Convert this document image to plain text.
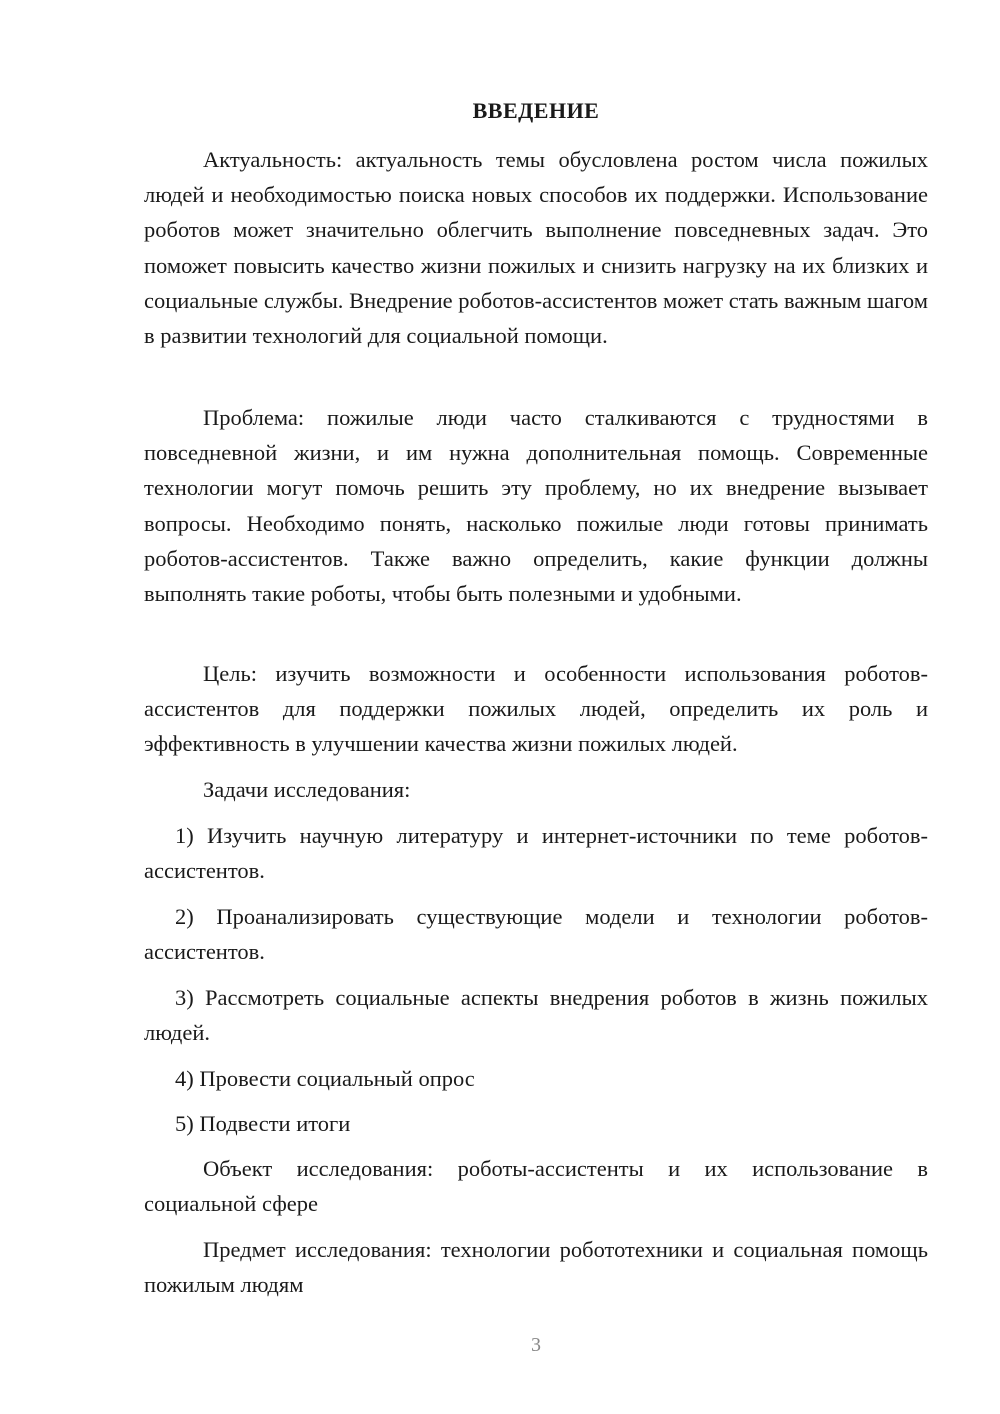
ВВЕДЕНИЕ

Актуальность: актуальность темы обусловлена ростом числа пожилых людей и необходимостью поиска новых способов их поддержки. Использование роботов может значительно облегчить выполнение повседневных задач. Это поможет повысить качество жизни пожилых и снизить нагрузку на их близких и социальные службы. Внедрение роботов-ассистентов может стать важным шагом в развитии технологий для социальной помощи.

Проблема: пожилые люди часто сталкиваются с трудностями в повседневной жизни, и им нужна дополнительная помощь. Современные технологии могут помочь решить эту проблему, но их внедрение вызывает вопросы. Необходимо понять, насколько пожилые люди готовы принимать роботов-ассистентов. Также важно определить, какие функции должны выполнять такие роботы, чтобы быть полезными и удобными.

Цель: изучить возможности и особенности использования роботов-ассистентов для поддержки пожилых людей, определить их роль и эффективность в улучшении качества жизни пожилых людей.

Задачи исследования:

1) Изучить научную литературу и интернет-источники по теме роботов-ассистентов.

2) Проанализировать существующие модели и технологии роботов-ассистентов.

3) Рассмотреть социальные аспекты внедрения роботов в жизнь пожилых людей.

4) Провести социальный опрос

5) Подвести итоги

Объект исследования: роботы-ассистенты и их использование в социальной сфере

Предмет исследования: технологии робототехники и социальная помощь пожилым людям

3
